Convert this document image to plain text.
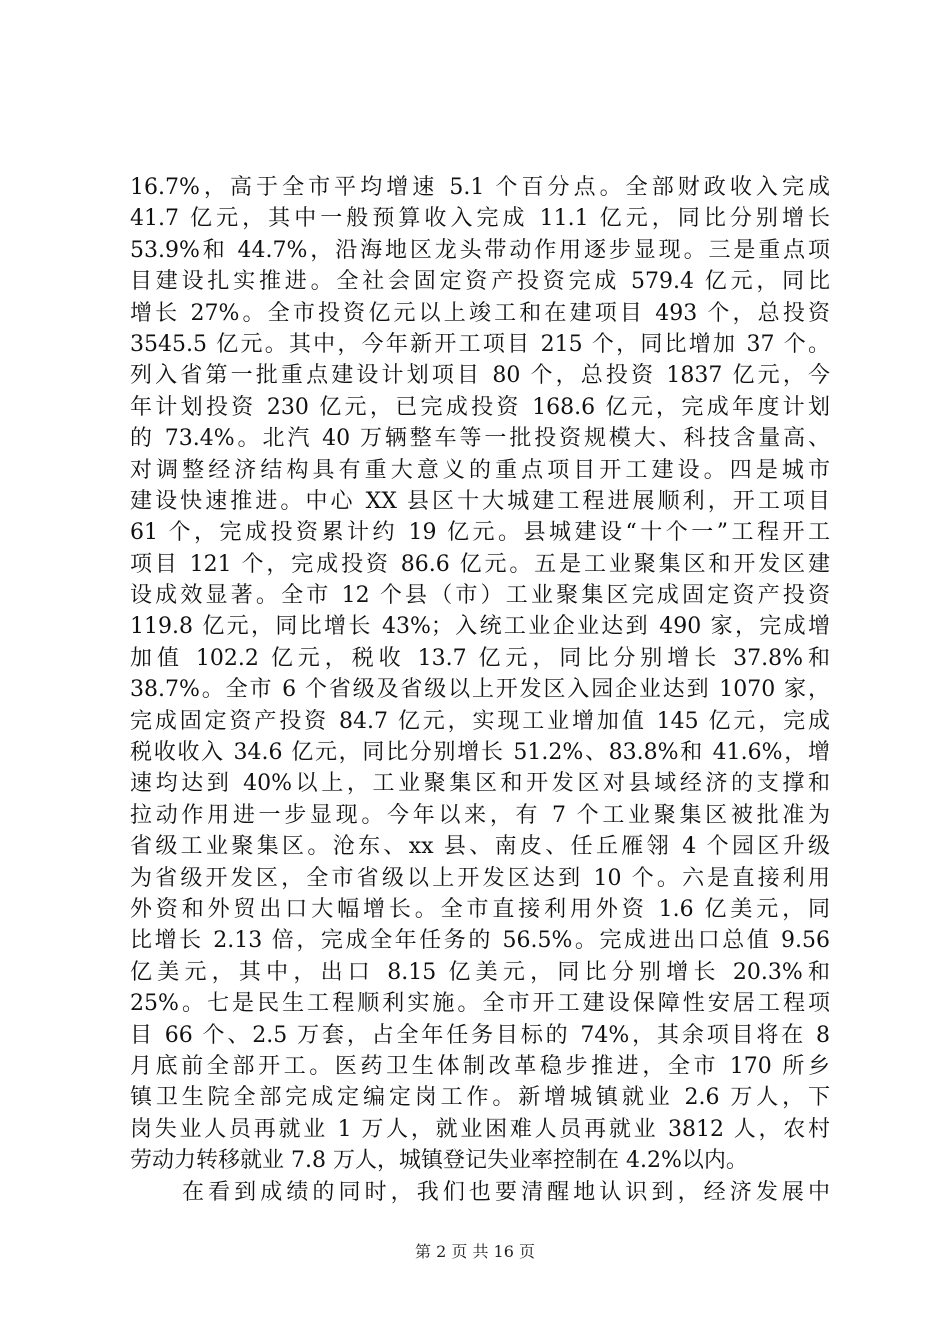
16.7%，高于全市平均增速 5.1 个百分点。全部财政收入完成
41.7 亿元，其中一般预算收入完成 11.1 亿元，同比分别增长
53.9%和 44.7%，沿海地区龙头带动作用逐步显现。三是重点项
目建设扎实推进。全社会固定资产投资完成 579.4 亿元，同比
增长 27%。全市投资亿元以上竣工和在建项目 493 个，总投资
3545.5 亿元。其中，今年新开工项目 215 个，同比增加 37 个。
列入省第一批重点建设计划项目 80 个，总投资 1837 亿元，今
年计划投资 230 亿元，已完成投资 168.6 亿元，完成年度计划
的 73.4%。北汽 40 万辆整车等一批投资规模大、科技含量高、
对调整经济结构具有重大意义的重点项目开工建设。四是城市
建设快速推进。中心 XX 县区十大城建工程进展顺利，开工项目
61 个，完成投资累计约 19 亿元。县城建设“十个一”工程开工
项目 121 个，完成投资 86.6 亿元。五是工业聚集区和开发区建
设成效显著。全市 12 个县（市）工业聚集区完成固定资产投资
119.8 亿元，同比增长 43%；入统工业企业达到 490 家，完成增
加值 102.2 亿元，税收 13.7 亿元，同比分别增长 37.8%和
38.7%。全市 6 个省级及省级以上开发区入园企业达到 1070 家，
完成固定资产投资 84.7 亿元，实现工业增加值 145 亿元，完成
税收收入 34.6 亿元，同比分别增长 51.2%、83.8%和 41.6%，增
速均达到 40%以上，工业聚集区和开发区对县域经济的支撑和
拉动作用进一步显现。今年以来，有 7 个工业聚集区被批准为
省级工业聚集区。沧东、xx 县、南皮、任丘雁翎 4 个园区升级
为省级开发区，全市省级以上开发区达到 10 个。六是直接利用
外资和外贸出口大幅增长。全市直接利用外资 1.6 亿美元，同
比增长 2.13 倍，完成全年任务的 56.5%。完成进出口总值 9.56
亿美元，其中，出口 8.15 亿美元，同比分别增长 20.3%和
25%。七是民生工程顺利实施。全市开工建设保障性安居工程项
目 66 个、2.5 万套，占全年任务目标的 74%，其余项目将在 8
月底前全部开工。医药卫生体制改革稳步推进，全市 170 所乡
镇卫生院全部完成定编定岗工作。新增城镇就业 2.6 万人，下
岗失业人员再就业 1 万人，就业困难人员再就业 3812 人，农村
劳动力转移就业 7.8 万人，城镇登记失业率控制在 4.2%以内。
在看到成绩的同时，我们也要清醒地认识到，经济发展中
第 2 页 共 16 页
